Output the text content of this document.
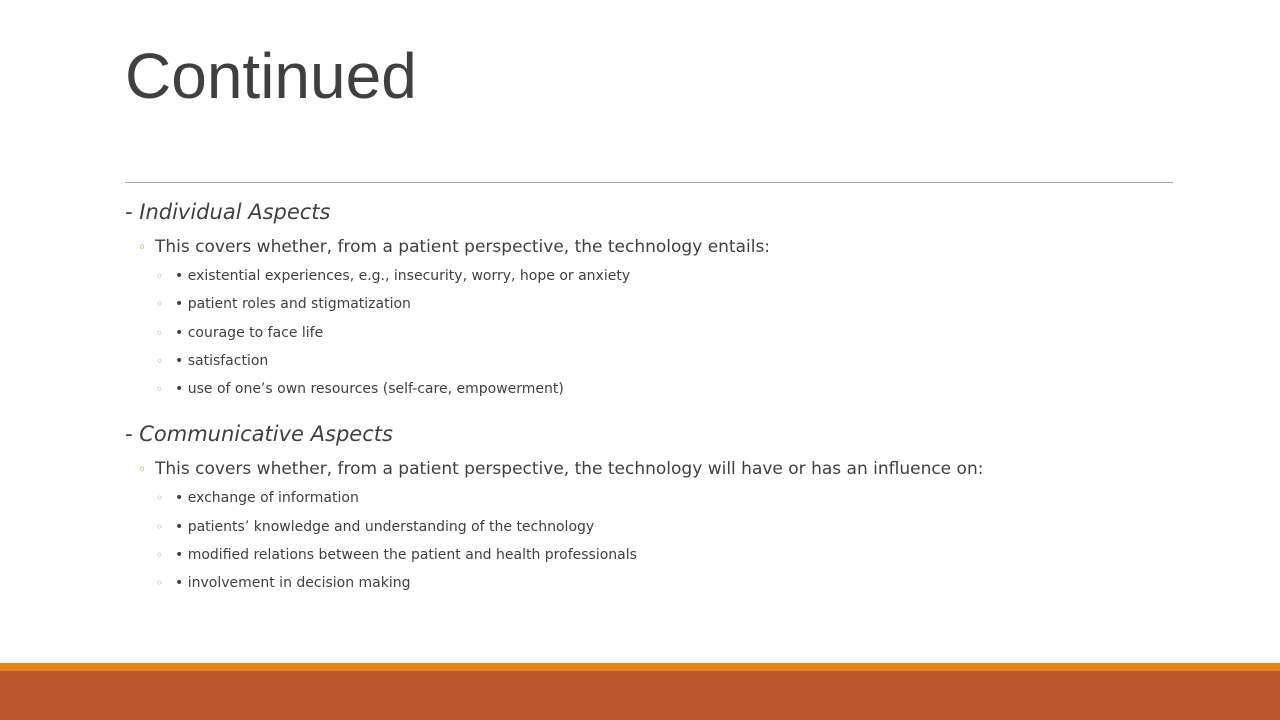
Continued
- Individual Aspects
◦ This covers whether, from a patient perspective, the technology entails:
◦ • existential experiences, e.g., insecurity, worry, hope or anxiety
◦ • patient roles and stigmatization
◦ • courage to face life
◦ • satisfaction
◦ • use of one’s own resources (self-care, empowerment)
- Communicative Aspects
◦ This covers whether, from a patient perspective, the technology will have or has an influence on:
◦ • exchange of information
◦ • patients’ knowledge and understanding of the technology
◦ • modified relations between the patient and health professionals
◦ • involvement in decision making
